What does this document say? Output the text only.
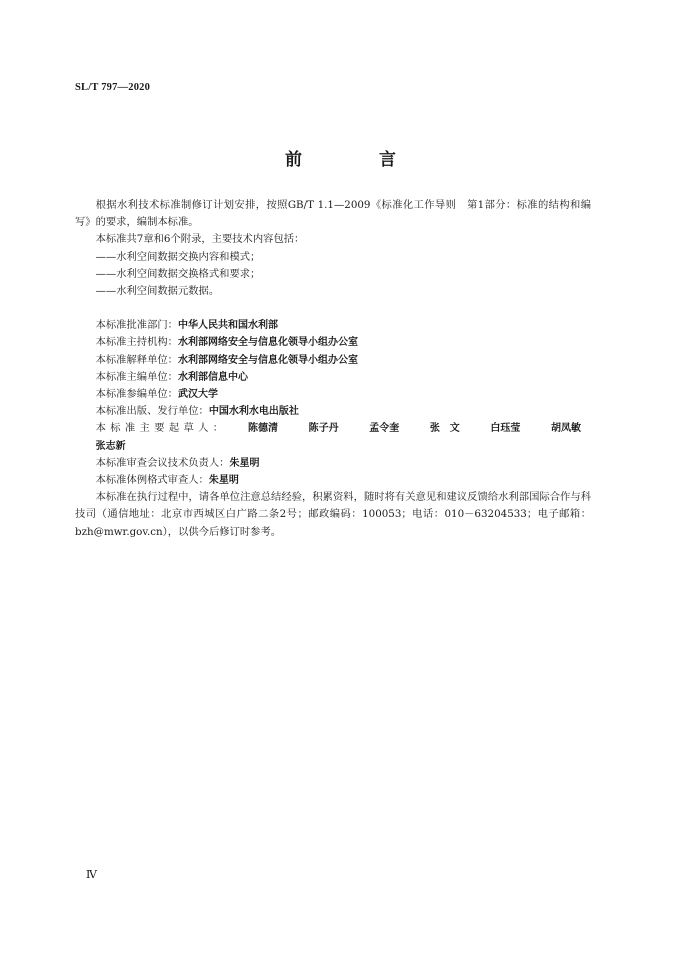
SL/T 797—2020
前　言

根据水利技术标准制修订计划安排，按照GB/T 1.1—2009《标准化工作导则　第1部分：标准的结构和编写》的要求，编制本标准。

本标准共7章和6个附录，主要技术内容包括：

——水利空间数据交换内容和模式；

——水利空间数据交换格式和要求；

——水利空间数据元数据。

本标准批准部门：中华人民共和国水利部

本标准主持机构：水利部网络安全与信息化领导小组办公室

本标准解释单位：水利部网络安全与信息化领导小组办公室

本标准主编单位：水利部信息中心

本标准参编单位：武汉大学

本标准出版、发行单位：中国水利水电出版社

本标准主要起草人： 陈德清	陈子丹	孟令奎	张　文	白珏莹	胡凤敏张志新

本标准审查会议技术负责人：朱星明

本标准体例格式审查人：朱星明

本标准在执行过程中，请各单位注意总结经验，积累资料，随时将有关意见和建议反馈给水利部国际合作与科技司（通信地址：北京市西城区白广路二条2号；邮政编码：100053；电话：010－63204533；电子邮箱：bzh@mwr.gov.cn），以供今后修订时参考。

Ⅳ
